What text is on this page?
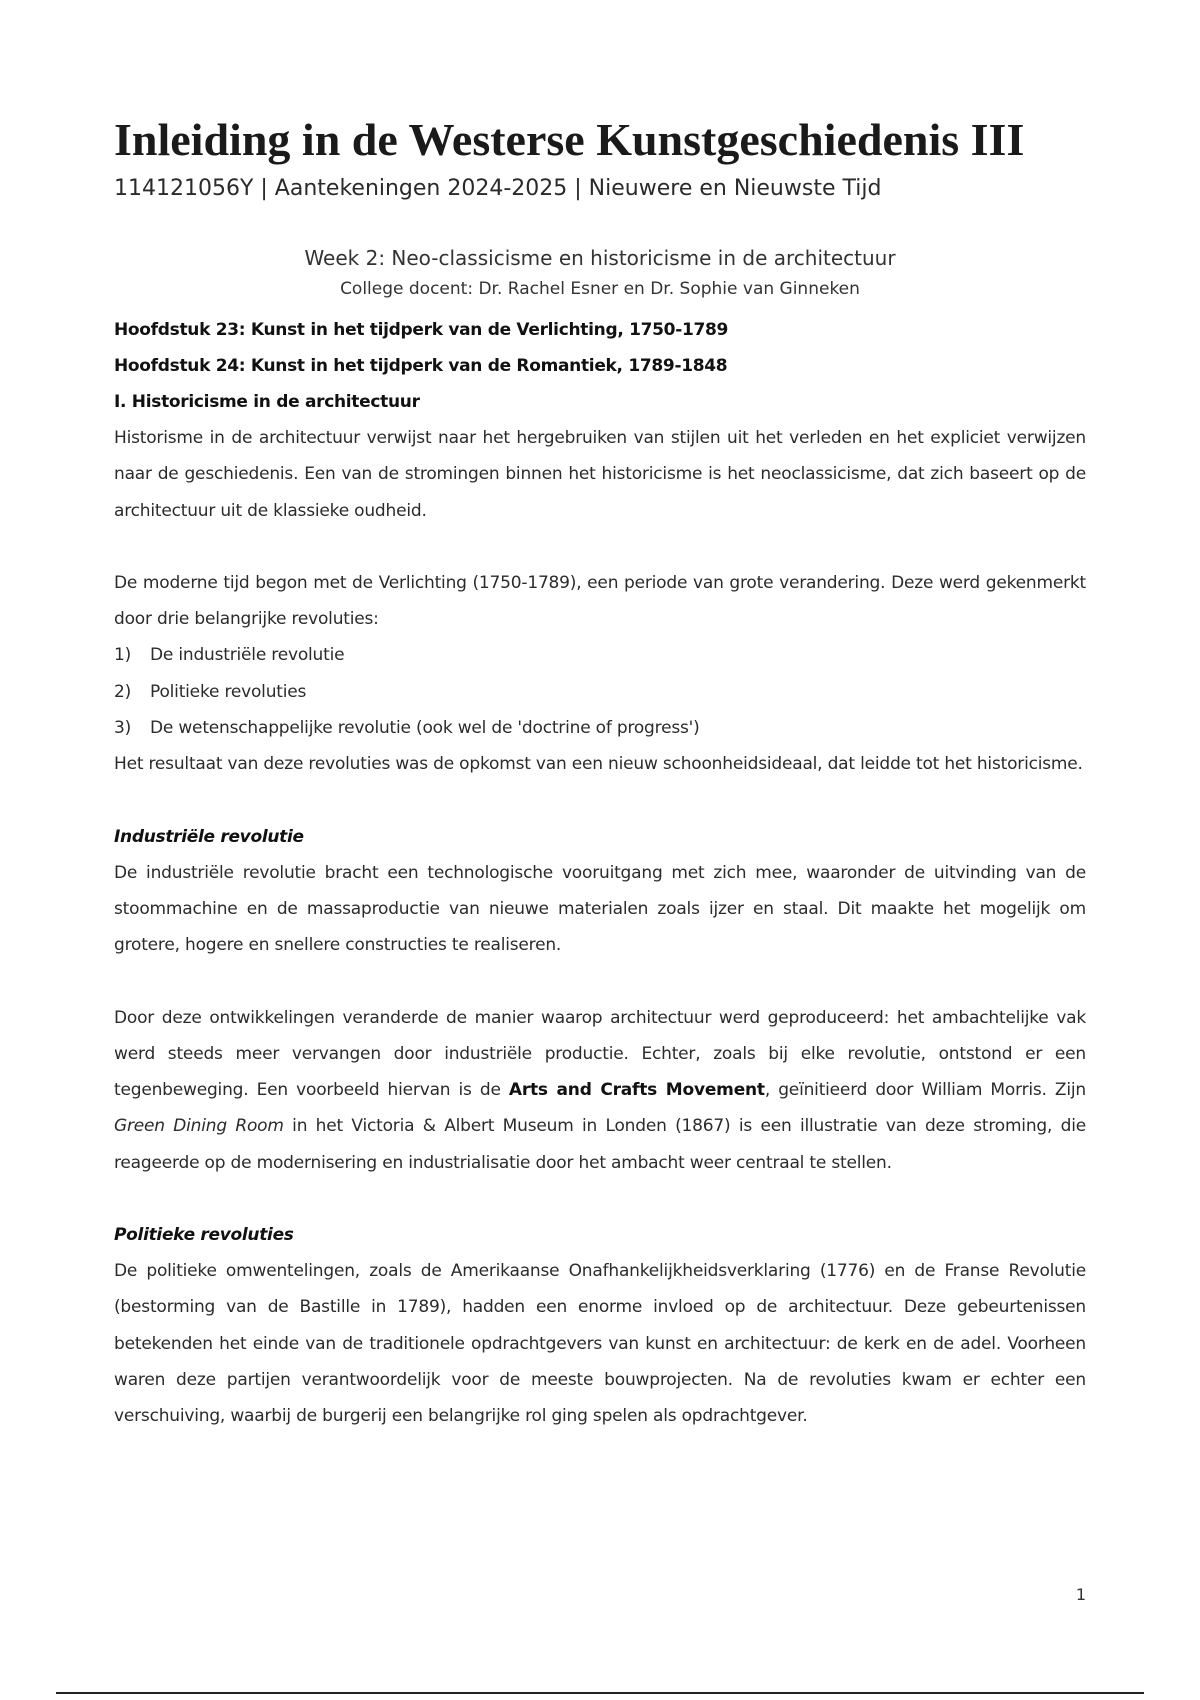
Inleiding in de Westerse Kunstgeschiedenis III
114121056Y | Aantekeningen 2024-2025 | Nieuwere en Nieuwste Tijd
Week 2: Neo-classicisme en historicisme in de architectuur
College docent: Dr. Rachel Esner en Dr. Sophie van Ginneken
Hoofdstuk 23: Kunst in het tijdperk van de Verlichting, 1750-1789
Hoofdstuk 24: Kunst in het tijdperk van de Romantiek, 1789-1848
I. Historicisme in de architectuur

Historisme in de architectuur verwijst naar het hergebruiken van stijlen uit het verleden en het expliciet verwijzen naar de geschiedenis. Een van de stromingen binnen het historicisme is het neoclassicisme, dat zich baseert op de architectuur uit de klassieke oudheid.

De moderne tijd begon met de Verlichting (1750-1789), een periode van grote verandering. Deze werd gekenmerkt door drie belangrijke revoluties:

1)	De industriële revolutie
2)	Politieke revoluties
3)	De wetenschappelijke revolutie (ook wel de 'doctrine of progress')

Het resultaat van deze revoluties was de opkomst van een nieuw schoonheidsideaal, dat leidde tot het historicisme.

Industriële revolutie

De industriële revolutie bracht een technologische vooruitgang met zich mee, waaronder de uitvinding van de stoommachine en de massaproductie van nieuwe materialen zoals ijzer en staal. Dit maakte het mogelijk om grotere, hogere en snellere constructies te realiseren.

Door deze ontwikkelingen veranderde de manier waarop architectuur werd geproduceerd: het ambachtelijke vak werd steeds meer vervangen door industriële productie. Echter, zoals bij elke revolutie, ontstond er een tegenbeweging. Een voorbeeld hiervan is de Arts and Crafts Movement, geïnitieerd door William Morris. Zijn Green Dining Room in het Victoria & Albert Museum in Londen (1867) is een illustratie van deze stroming, die reageerde op de modernisering en industrialisatie door het ambacht weer centraal te stellen.

Politieke revoluties

De politieke omwentelingen, zoals de Amerikaanse Onafhankelijkheidsverklaring (1776) en de Franse Revolutie (bestorming van de Bastille in 1789), hadden een enorme invloed op de architectuur. Deze gebeurtenissen betekenden het einde van de traditionele opdrachtgevers van kunst en architectuur: de kerk en de adel. Voorheen waren deze partijen verantwoordelijk voor de meeste bouwprojecten. Na de revoluties kwam er echter een verschuiving, waarbij de burgerij een belangrijke rol ging spelen als opdrachtgever.

1
